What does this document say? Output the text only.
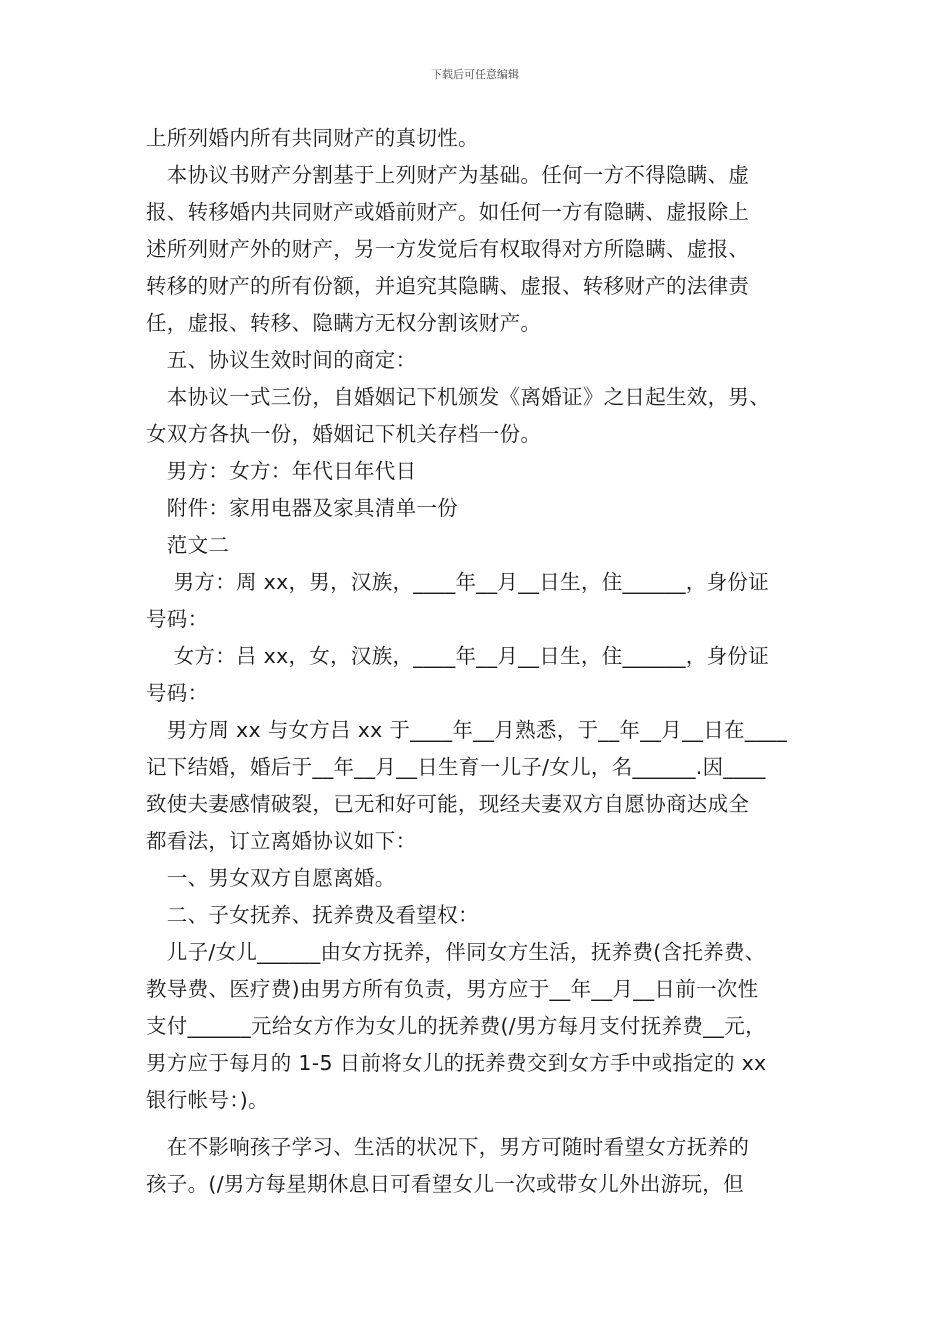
下载后可任意编辑
上所列婚内所有共同财产的真切性。
　本协议书财产分割基于上列财产为基础。任何一方不得隐瞒、虚
报、转移婚内共同财产或婚前财产。如任何一方有隐瞒、虚报除上
述所列财产外的财产，另一方发觉后有权取得对方所隐瞒、虚报、
转移的财产的所有份额，并追究其隐瞒、虚报、转移财产的法律责
任，虚报、转移、隐瞒方无权分割该财产。
　五、协议生效时间的商定：
　本协议一式三份，自婚姻记下机颁发《离婚证》之日起生效，男、
女双方各执一份，婚姻记下机关存档一份。
　男方：女方：年代日年代日
　附件：家用电器及家具清单一份
　范文二
　 男方：周 xx，男，汉族，____年__月__日生，住______，身份证
号码：
　 女方：吕 xx，女，汉族，____年__月__日生，住______，身份证
号码：
　男方周 xx 与女方吕 xx 于____年__月熟悉，于__年__月__日在____
记下结婚，婚后于__年__月__日生育一儿子/女儿，名______.因____
致使夫妻感情破裂，已无和好可能，现经夫妻双方自愿协商达成全
都看法，订立离婚协议如下：
　一、男女双方自愿离婚。
　二、子女抚养、抚养费及看望权：
　儿子/女儿______由女方抚养，伴同女方生活，抚养费(含托养费、
教导费、医疗费)由男方所有负责，男方应于__年__月__日前一次性
支付______元给女方作为女儿的抚养费(/男方每月支付抚养费__元，
男方应于每月的 1-5 日前将女儿的抚养费交到女方手中或指定的 xx
银行帐号：)。
　在不影响孩子学习、生活的状况下，男方可随时看望女方抚养的
孩子。(/男方每星期休息日可看望女儿一次或带女儿外出游玩，但
